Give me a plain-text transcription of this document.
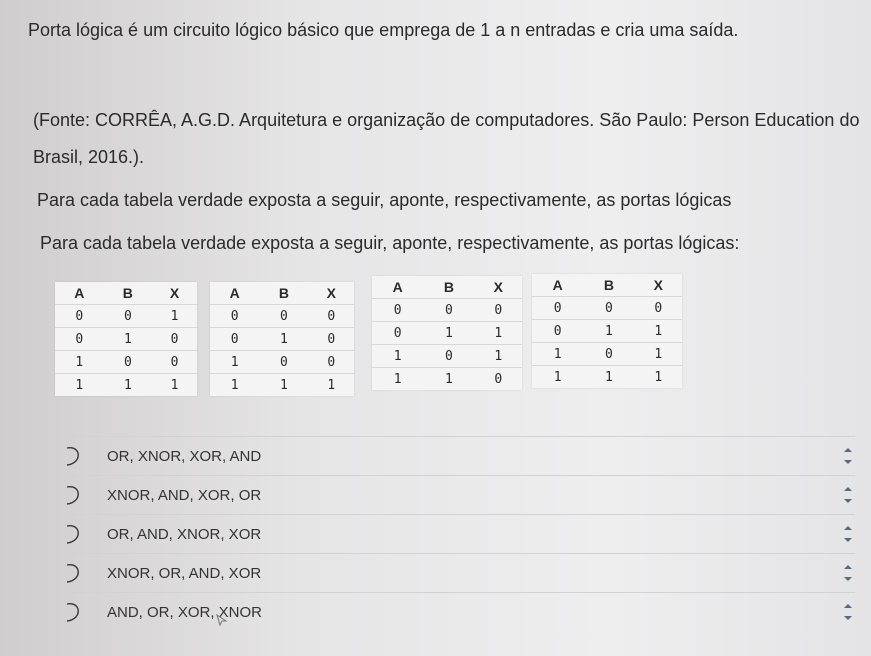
Porta lógica é um circuito lógico básico que emprega de 1 a n entradas e cria uma saída.
(Fonte: CORRÊA, A.G.D. Arquitetura e organização de computadores. São Paulo: Person Education do
Brasil, 2016.).
Para cada tabela verdade exposta a seguir, aponte, respectivamente, as portas lógicas
Para cada tabela verdade exposta a seguir, aponte, respectivamente, as portas lógicas:
A	B	X
0	0	1
0	1	0
1	0	0
1	1	1
A	B	X
0	0	0
0	1	0
1	0	0
1	1	1
A	B	X
0	0	0
0	1	1
1	0	1
1	1	0
A	B	X
0	0	0
0	1	1
1	0	1
1	1	1
OR, XNOR, XOR, AND
XNOR, AND, XOR, OR
OR, AND, XNOR, XOR
XNOR, OR, AND, XOR
AND, OR, XOR, XNOR
